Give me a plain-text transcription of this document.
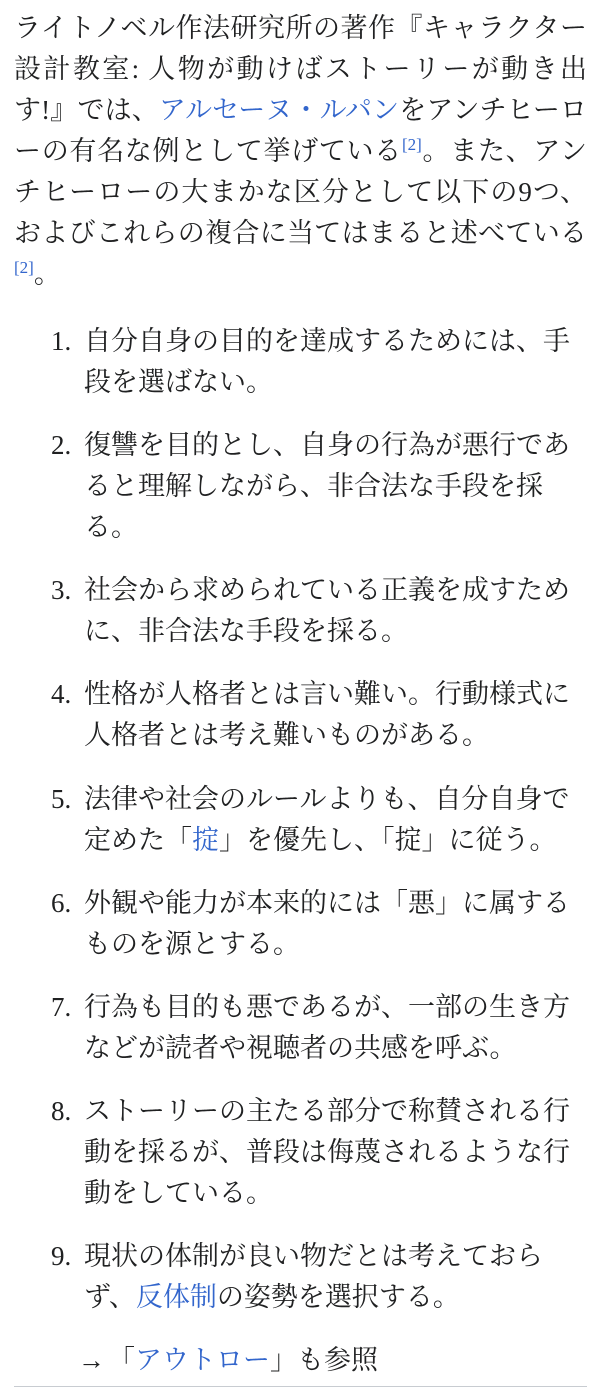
ライトノベル作法研究所の著作『キャラクター設計教室: 人物が動けばストーリーが動き出す!』では、アルセーヌ・ルパンをアンチヒーローの有名な例として挙げている[2]。また、アンチヒーローの大まかな区分として以下の9つ、およびこれらの複合に当てはまると述べている[2]。

1. 自分自身の目的を達成するためには、手段を選ばない。
2. 復讐を目的とし、自身の行為が悪行であると理解しながら、非合法な手段を採る。
3. 社会から求められている正義を成すために、非合法な手段を採る。
4. 性格が人格者とは言い難い。行動様式に人格者とは考え難いものがある。
5. 法律や社会のルールよりも、自分自身で定めた「掟」を優先し、「掟」に従う。
6. 外観や能力が本来的には「悪」に属するものを源とする。
7. 行為も目的も悪であるが、一部の生き方などが読者や視聴者の共感を呼ぶ。
8. ストーリーの主たる部分で称賛される行動を採るが、普段は侮蔑されるような行動をしている。
9. 現状の体制が良い物だとは考えておらず、反体制の姿勢を選択する。
→ 「アウトロー」も参照
